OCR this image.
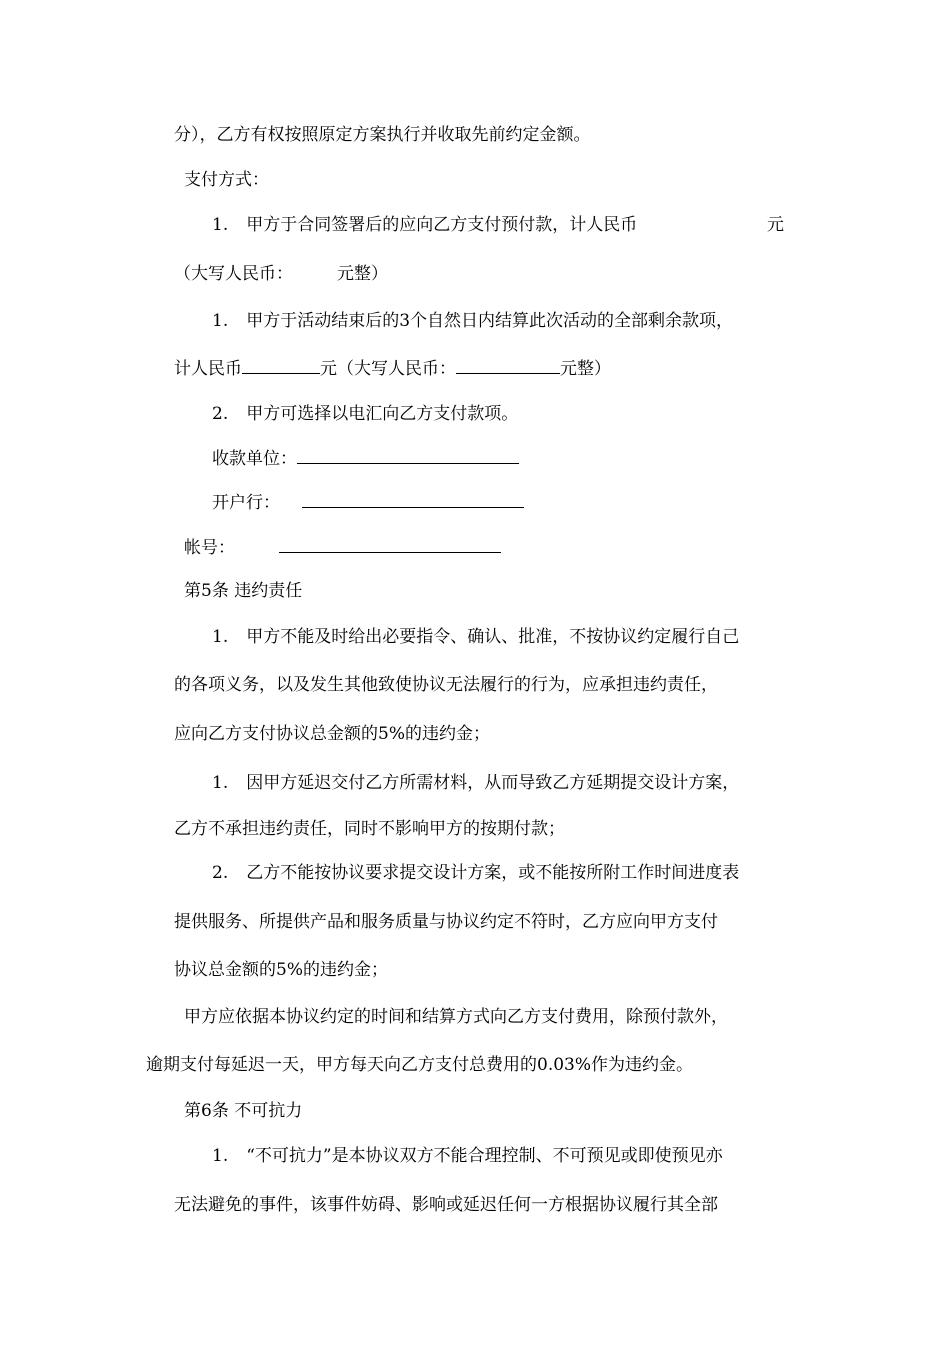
分），乙方有权按照原定方案执行并收取先前约定金额。
支付方式：
1. 甲方于合同签署后的应向乙方支付预付款，计人民币	元
（大写人民币：	元整）
1. 甲方于活动结束后的3个自然日内结算此次活动的全部剩余款项，
计人民币	元（大写人民币：	元整）
2. 甲方可选择以电汇向乙方支付款项。
收款单位：
开户行：
帐号：
第5条 违约责任
1. 甲方不能及时给出必要指令、确认、批准，不按协议约定履行自己
的各项义务，以及发生其他致使协议无法履行的行为，应承担违约责任，
应向乙方支付协议总金额的5%的违约金；
1. 因甲方延迟交付乙方所需材料，从而导致乙方延期提交设计方案，
乙方不承担违约责任，同时不影响甲方的按期付款；
2. 乙方不能按协议要求提交设计方案，或不能按所附工作时间进度表
提供服务、所提供产品和服务质量与协议约定不符时，乙方应向甲方支付
协议总金额的5%的违约金；
甲方应依据本协议约定的时间和结算方式向乙方支付费用，除预付款外，
逾期支付每延迟一天，甲方每天向乙方支付总费用的0.03%作为违约金。
第6条 不可抗力
1. “不可抗力”是本协议双方不能合理控制、不可预见或即使预见亦
无法避免的事件，该事件妨碍、影响或延迟任何一方根据协议履行其全部
